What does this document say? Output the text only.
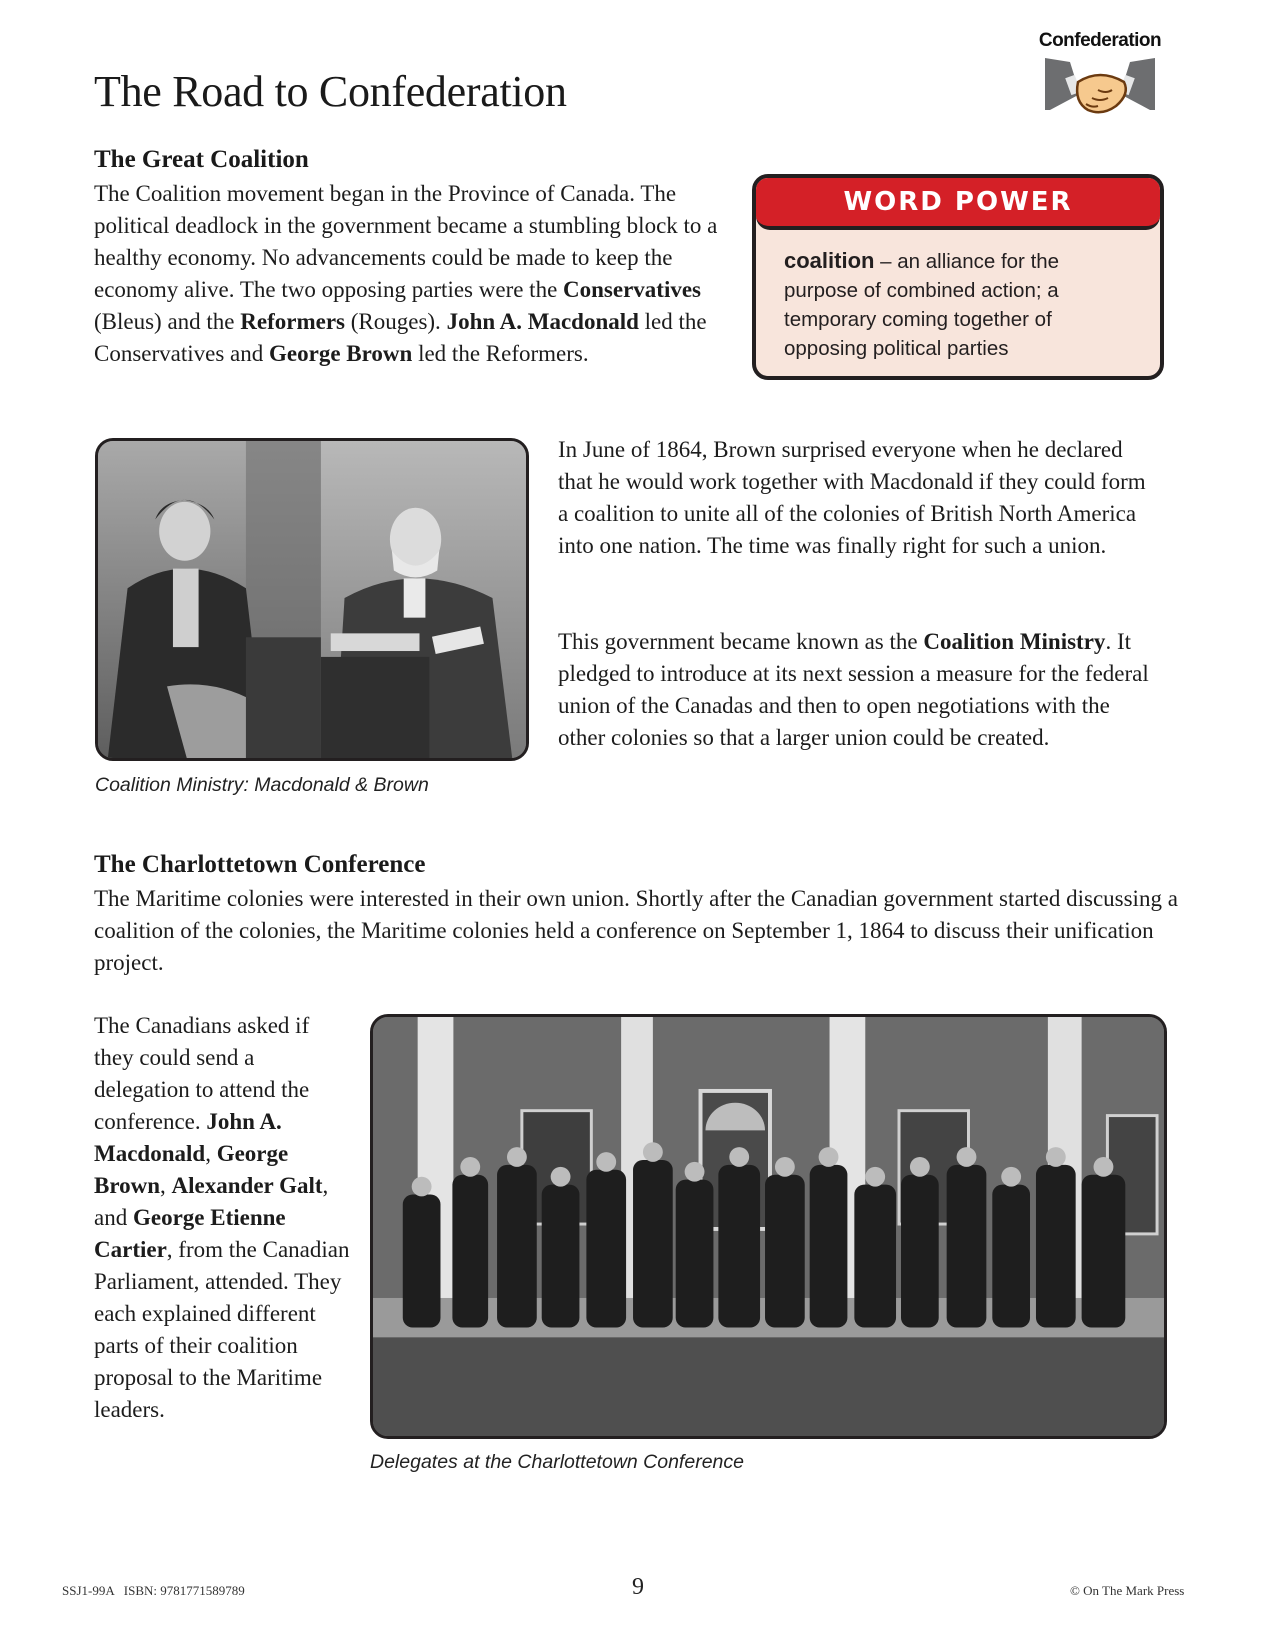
The Road to Confederation
Confederation
The Great Coalition
The Coalition movement began in the Province of Canada. The political deadlock in the government became a stumbling block to a healthy economy. No advancements could be made to keep the economy alive. The two opposing parties were the Conservatives (Bleus) and the Reformers (Rouges). John A. Macdonald led the Conservatives and George Brown led the Reformers.
WORD POWER
coalition – an alliance for the purpose of combined action; a temporary coming together of opposing political parties
Coalition Ministry: Macdonald & Brown
In June of 1864, Brown surprised everyone when he declared that he would work together with Macdonald if they could form a coalition to unite all of the colonies of British North America into one nation. The time was finally right for such a union.
This government became known as the Coalition Ministry. It pledged to introduce at its next session a measure for the federal union of the Canadas and then to open negotiations with the other colonies so that a larger union could be created.
The Charlottetown Conference
The Maritime colonies were interested in their own union. Shortly after the Canadian government started discussing a coalition of the colonies, the Maritime colonies held a conference on September 1, 1864 to discuss their unification project.
The Canadians asked if they could send a delegation to attend the conference. John A. Macdonald, George Brown, Alexander Galt, and George Etienne Cartier, from the Canadian Parliament, attended. They each explained different parts of their coalition proposal to the Maritime leaders.
Delegates at the Charlottetown Conference
SSJ1-99A   ISBN: 9781771589789	9	© On The Mark Press
